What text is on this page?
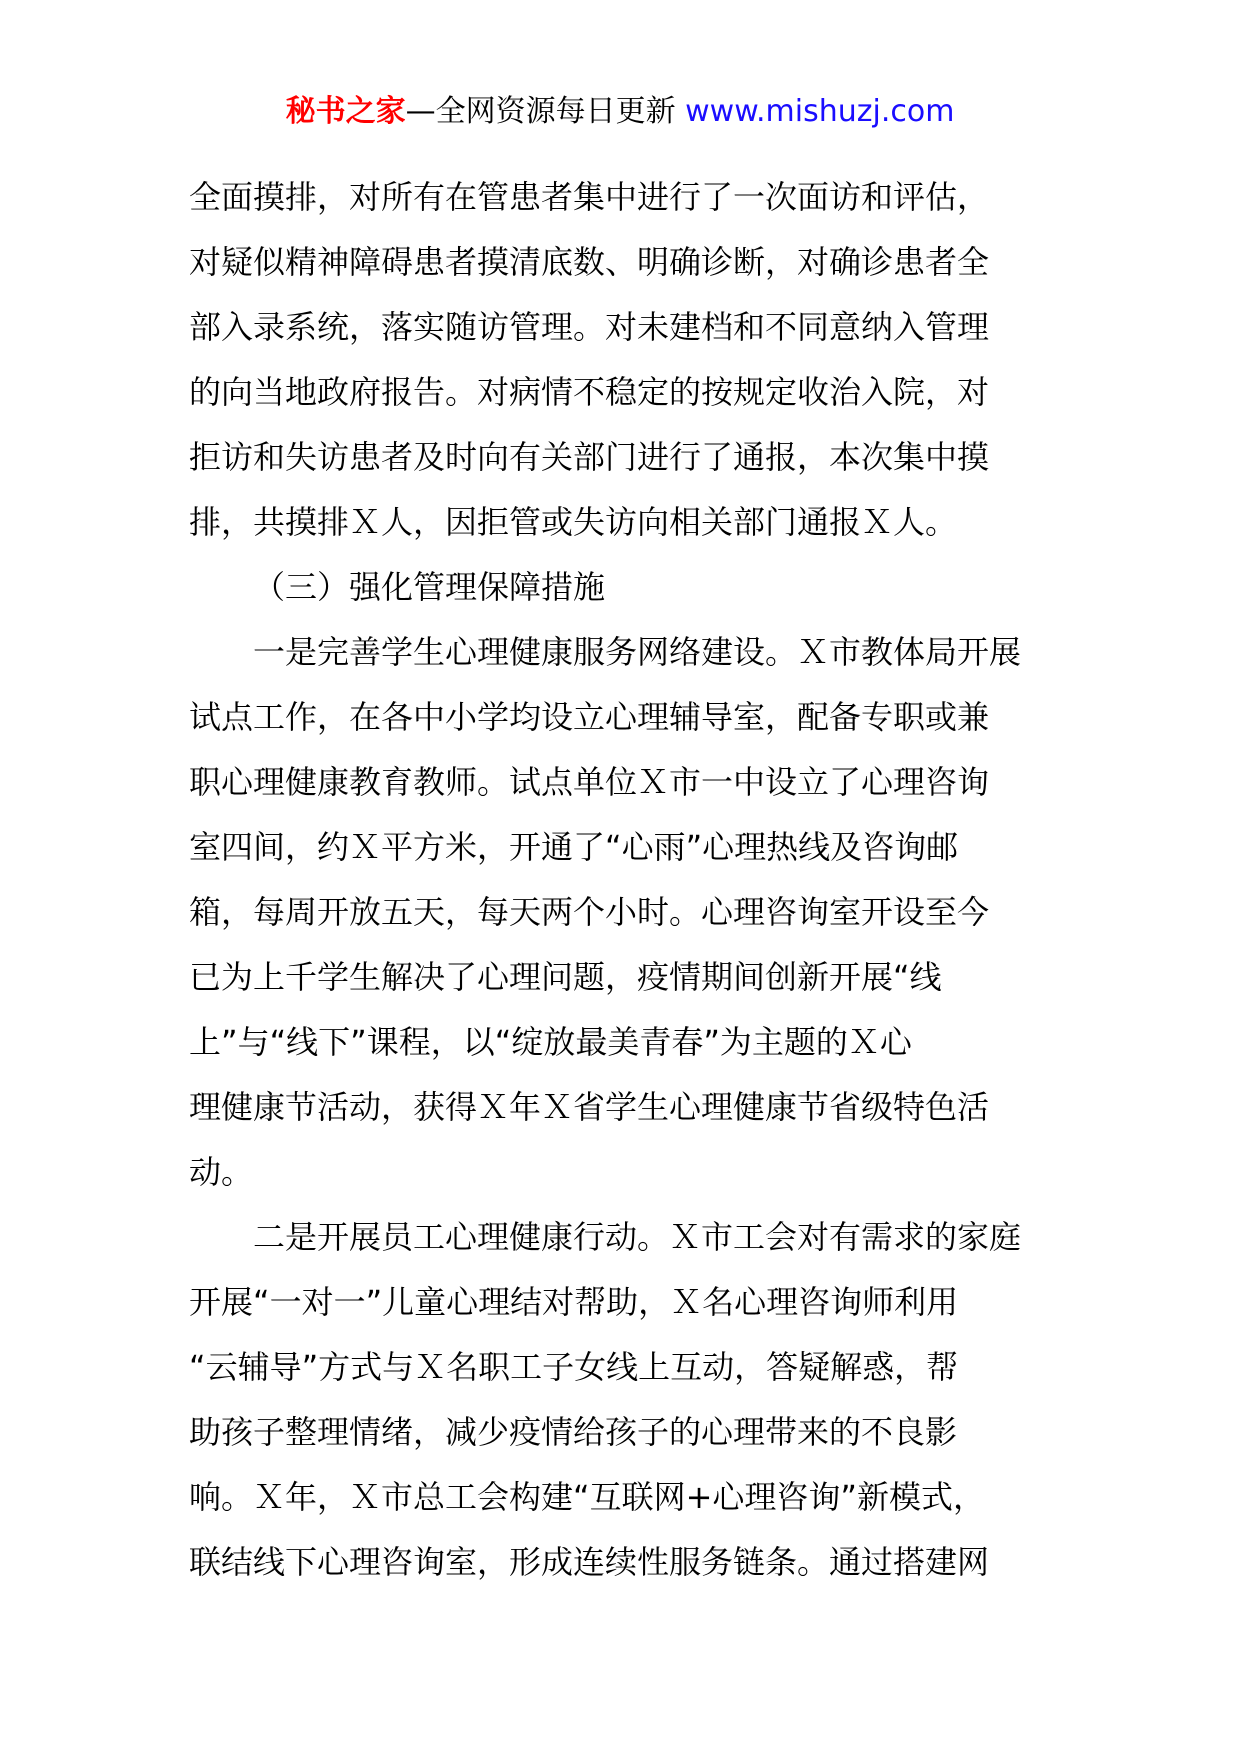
秘书之家—全网资源每日更新 www.mishuzj.com
全面摸排，对所有在管患者集中进行了一次面访和评估，
对疑似精神障碍患者摸清底数、明确诊断，对确诊患者全
部入录系统，落实随访管理。对未建档和不同意纳入管理
的向当地政府报告。对病情不稳定的按规定收治入院，对
拒访和失访患者及时向有关部门进行了通报，本次集中摸
排，共摸排Ｘ人，因拒管或失访向相关部门通报Ｘ人。
（三）强化管理保障措施
一是完善学生心理健康服务网络建设。Ｘ市教体局开展
试点工作，在各中小学均设立心理辅导室，配备专职或兼
职心理健康教育教师。试点单位Ｘ市一中设立了心理咨询
室四间，约Ｘ平方米，开通了“心雨”心理热线及咨询邮
箱，每周开放五天，每天两个小时。心理咨询室开设至今
已为上千学生解决了心理问题，疫情期间创新开展“线
上”与“线下”课程，以“绽放最美青春”为主题的Ｘ心
理健康节活动，获得Ｘ年Ｘ省学生心理健康节省级特色活
动。
二是开展员工心理健康行动。Ｘ市工会对有需求的家庭
开展“一对一”儿童心理结对帮助，Ｘ名心理咨询师利用
“云辅导”方式与Ｘ名职工子女线上互动，答疑解惑，帮
助孩子整理情绪，减少疫情给孩子的心理带来的不良影
响。Ｘ年，Ｘ市总工会构建“互联网+心理咨询”新模式，
联结线下心理咨询室，形成连续性服务链条。通过搭建网
